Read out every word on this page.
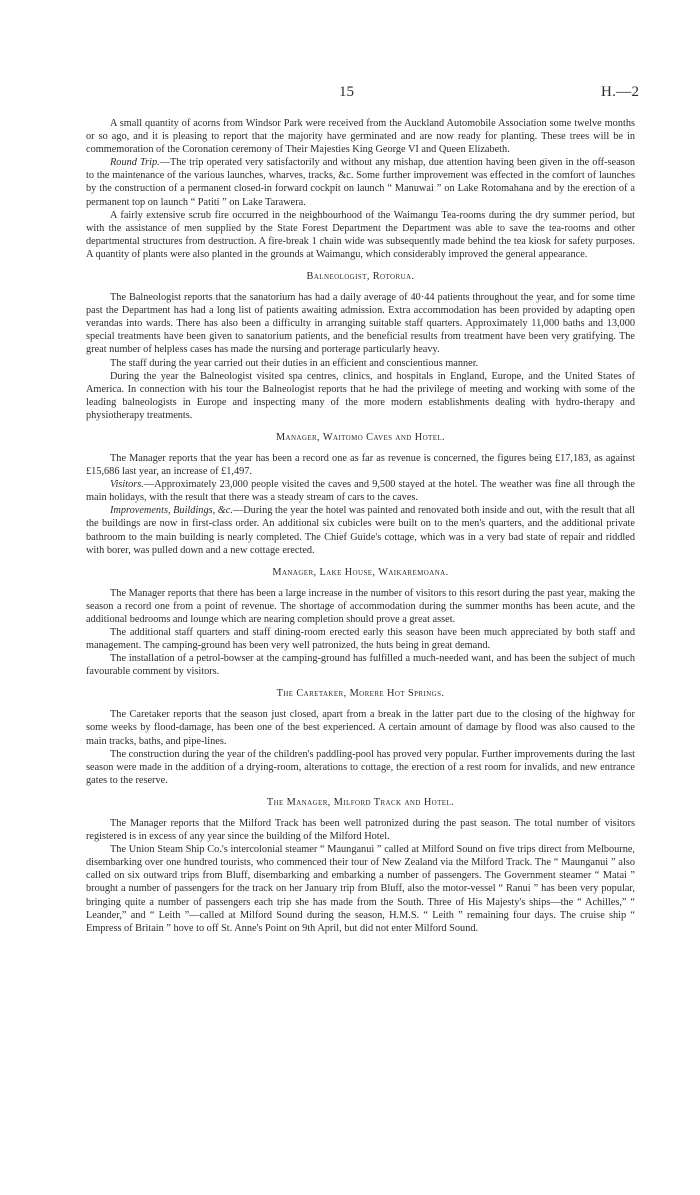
15	H.—2

A small quantity of acorns from Windsor Park were received from the Auckland Automobile Association some twelve months or so ago, and it is pleasing to report that the majority have germinated and are now ready for planting. These trees will be in commemoration of the Coronation ceremony of Their Majesties King George VI and Queen Elizabeth.

Round Trip.—The trip operated very satisfactorily and without any mishap, due attention having been given in the off-season to the maintenance of the various launches, wharves, tracks, &c. Some further improvement was effected in the comfort of launches by the construction of a permanent closed-in forward cockpit on launch “ Manuwai ” on Lake Rotomahana and by the erection of a permanent top on launch “ Patiti ” on Lake Tarawera.

A fairly extensive scrub fire occurred in the neighbourhood of the Waimangu Tea-rooms during the dry summer period, but with the assistance of men supplied by the State Forest Department the Department was able to save the tea-rooms and other departmental structures from destruction. A fire-break 1 chain wide was subsequently made behind the tea kiosk for safety purposes. A quantity of plants were also planted in the grounds at Waimangu, which considerably improved the general appearance.

Balneologist, Rotorua.

The Balneologist reports that the sanatorium has had a daily average of 40·44 patients throughout the year, and for some time past the Department has had a long list of patients awaiting admission. Extra accommodation has been provided by adapting open verandas into wards. There has also been a difficulty in arranging suitable staff quarters. Approximately 11,000 baths and 13,000 special treatments have been given to sanatorium patients, and the beneficial results from treatment have been very gratifying. The great number of helpless cases has made the nursing and porterage particularly heavy.

The staff during the year carried out their duties in an efficient and conscientious manner.

During the year the Balneologist visited spa centres, clinics, and hospitals in England, Europe, and the United States of America. In connection with his tour the Balneologist reports that he had the privilege of meeting and working with some of the leading balneologists in Europe and inspecting many of the more modern establishments dealing with hydro-therapy and physiotherapy treatments.

Manager, Waitomo Caves and Hotel.

The Manager reports that the year has been a record one as far as revenue is concerned, the figures being £17,183, as against £15,686 last year, an increase of £1,497.

Visitors.—Approximately 23,000 people visited the caves and 9,500 stayed at the hotel. The weather was fine all through the main holidays, with the result that there was a steady stream of cars to the caves.

Improvements, Buildings, &c.—During the year the hotel was painted and renovated both inside and out, with the result that all the buildings are now in first-class order. An additional six cubicles were built on to the men's quarters, and the additional private bathroom to the main building is nearly completed. The Chief Guide's cottage, which was in a very bad state of repair and riddled with borer, was pulled down and a new cottage erected.

Manager, Lake House, Waikaremoana.

The Manager reports that there has been a large increase in the number of visitors to this resort during the past year, making the season a record one from a point of revenue. The shortage of accommodation during the summer months has been acute, and the additional bedrooms and lounge which are nearing completion should prove a great asset.

The additional staff quarters and staff dining-room erected early this season have been much appreciated by both staff and management. The camping-ground has been very well patronized, the huts being in great demand.

The installation of a petrol-bowser at the camping-ground has fulfilled a much-needed want, and has been the subject of much favourable comment by visitors.

The Caretaker, Morere Hot Springs.

The Caretaker reports that the season just closed, apart from a break in the latter part due to the closing of the highway for some weeks by flood-damage, has been one of the best experienced. A certain amount of damage by flood was also caused to the main tracks, baths, and pipe-lines.

The construction during the year of the children's paddling-pool has proved very popular. Further improvements during the last season were made in the addition of a drying-room, alterations to cottage, the erection of a rest room for invalids, and new entrance gates to the reserve.

The Manager, Milford Track and Hotel.

The Manager reports that the Milford Track has been well patronized during the past season. The total number of visitors registered is in excess of any year since the building of the Milford Hotel.

The Union Steam Ship Co.'s intercolonial steamer “ Maunganui ” called at Milford Sound on five trips direct from Melbourne, disembarking over one hundred tourists, who commenced their tour of New Zealand via the Milford Track. The “ Maunganui ” also called on six outward trips from Bluff, disembarking and embarking a number of passengers. The Government steamer “ Matai ” brought a number of passengers for the track on her January trip from Bluff, also the motor-vessel “ Ranui ” has been very popular, bringing quite a number of passengers each trip she has made from the South. Three of His Majesty's ships—the “ Achilles,” “ Leander,” and “ Leith ”—called at Milford Sound during the season, H.M.S. “ Leith ” remaining four days. The cruise ship “ Empress of Britain ” hove to off St. Anne's Point on 9th April, but did not enter Milford Sound.
